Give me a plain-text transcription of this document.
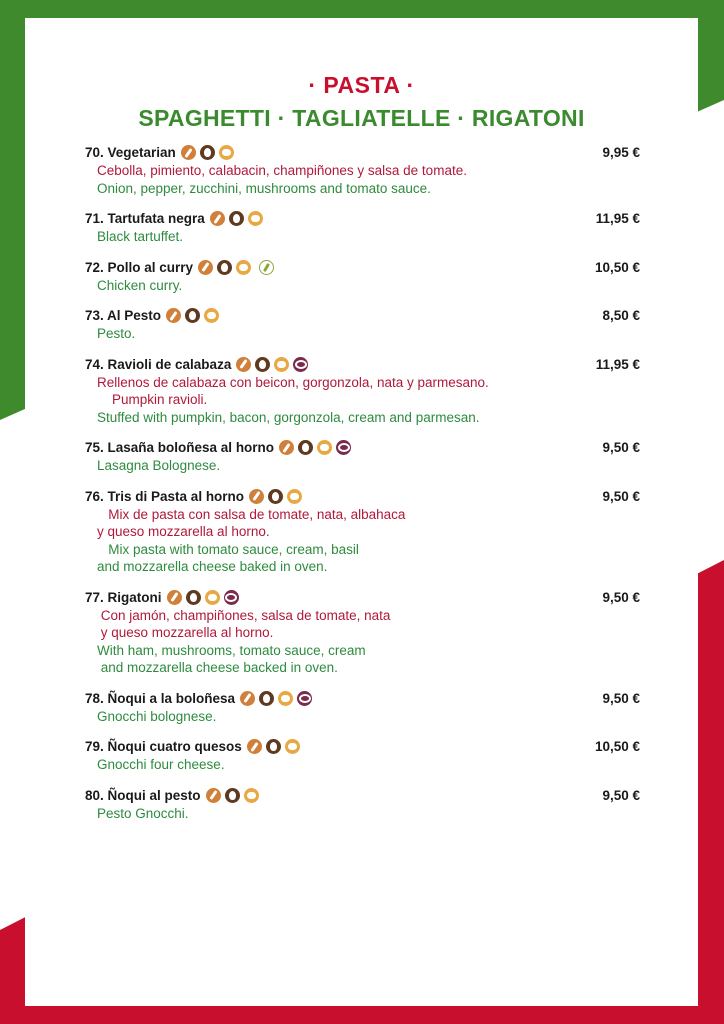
· PASTA ·
SPAGHETTI · TAGLIATELLE · RIGATONI
70. Vegetarian	9,95 €
Cebolla, pimiento, calabacin, champiñones y salsa de tomate.
Onion, pepper, zucchini, mushrooms and tomato sauce.
71. Tartufata negra	11,95 €
Black tartuffet.
72. Pollo al curry	10,50 €
Chicken curry.
73. Al Pesto	8,50 €
Pesto.
74. Ravioli de calabaza	11,95 €
Rellenos de calabaza con beicon, gorgonzola, nata y parmesano.
Pumpkin ravioli.
Stuffed with pumpkin, bacon, gorgonzola, cream and parmesan.
75. Lasaña boloñesa al horno	9,50 €
Lasagna Bolognese.
76. Tris di Pasta al horno	9,50 €
Mix de pasta con salsa de tomate, nata, albahaca
y queso mozzarella al horno.
Mix pasta with tomato sauce, cream, basil
and mozzarella cheese baked in oven.
77. Rigatoni	9,50 €
Con jamón, champiñones, salsa de tomate, nata
y queso mozzarella al horno.
With ham, mushrooms, tomato sauce, cream
and mozzarella cheese backed in oven.
78. Ñoqui a la boloñesa	9,50 €
Gnocchi bolognese.
79. Ñoqui cuatro quesos	10,50 €
Gnocchi four cheese.
80. Ñoqui al pesto	9,50 €
Pesto Gnocchi.
